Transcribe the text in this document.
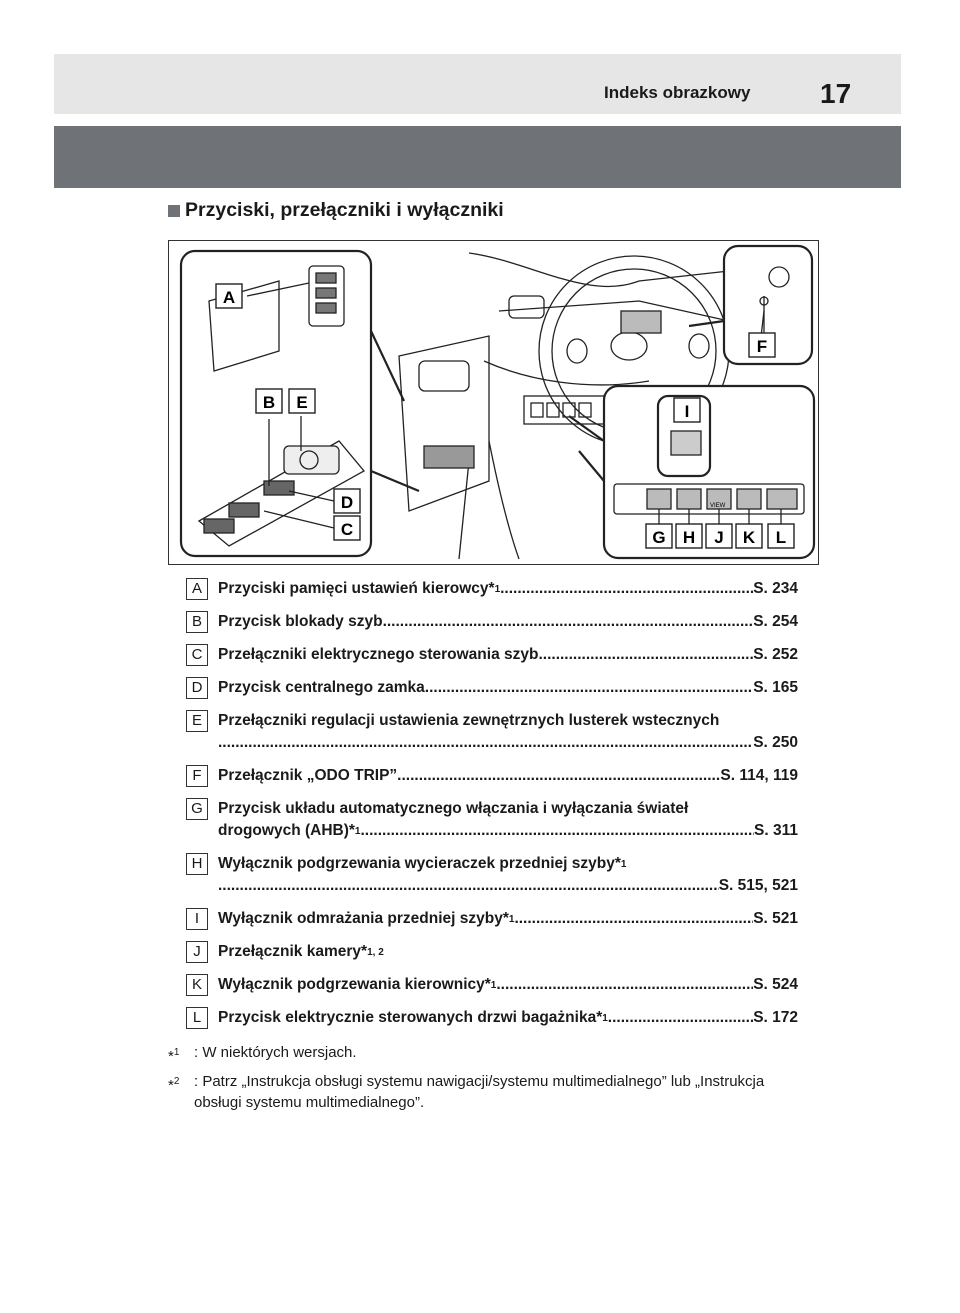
Indeks obrazkowy 17
Przyciski, przełączniki i wyłączniki
VIEW
A
B
C
D
E
F
G H
I
J K L
A	Przyciski pamięci ustawień kierowcy* 1 .....	S. 234
B	Przycisk blokady szyb .....	S. 254
C	Przełączniki elektrycznego sterowania szyb .....	S. 252
D	Przycisk centralnego zamka .....	S. 165
E	Przełączniki regulacji ustawienia zewnętrznych lusterek wstecznych
.....
S. 250
F	Przełącznik „ODO TRIP” .....	S. 114, 119
G Przycisk układu automatycznego włączania i wyłączania świateł
drogowych (AHB)* 1 .....	S. 311
H	Wyłącznik podgrzewania wycieraczek przedniej szyby* 1
.....
S. 515, 521
I	Wyłącznik odmrażania przedniej szyby* 1 .....	S. 521
J	Przełącznik kamery* 1, 2
K	Wyłącznik podgrzewania kierownicy* 1 .....	S. 524
L	Przycisk elektrycznie sterowanych drzwi bagażnika* 1 .....	S. 172
*$^1$ : W niektórych wersjach.
*$^2$ : Patrz „Instrukcja obsługi systemu nawigacji/systemu multimedialnego” lub „Instrukcja obsługi systemu multimedialnego”.
